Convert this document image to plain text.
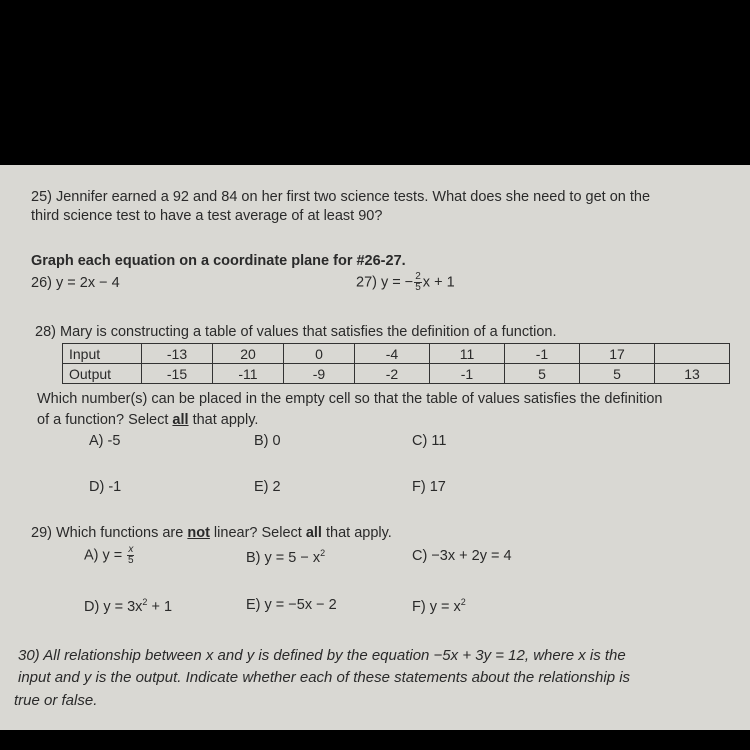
25) Jennifer earned a 92 and 84 on her first two science tests. What does she need to get on the
third science test to have a test average of at least 90?
Graph each equation on a coordinate plane for #26-27.
26) y = 2x − 4	27) y = − $\frac{2}{5}$ x + 1
28) Mary is constructing a table of values that satisfies the definition of a function.
Input	-13	20	0	-4	11	-1	17	
Output	-15	-11	-9	-2	-1	5	5	13
Which number(s) can be placed in the empty cell so that the table of values satisfies the definition
of a function? Select all that apply.
A) -5	B) 0	C) 11
D) -1	E) 2	F) 17
29) Which functions are not linear? Select all that apply.
A) $y = \frac{x}{5}$	B) $y = 5 - x^2$	C) −3x + 2y = 4
D) $y = 3x^2 + 1$	E) y = −5x − 2	F) $y = x^2$
30) All relationship between x and y is defined by the equation −5x + 3y = 12, where x is the
input and y is the output. Indicate whether each of these statements about the relationship is
true or false.
